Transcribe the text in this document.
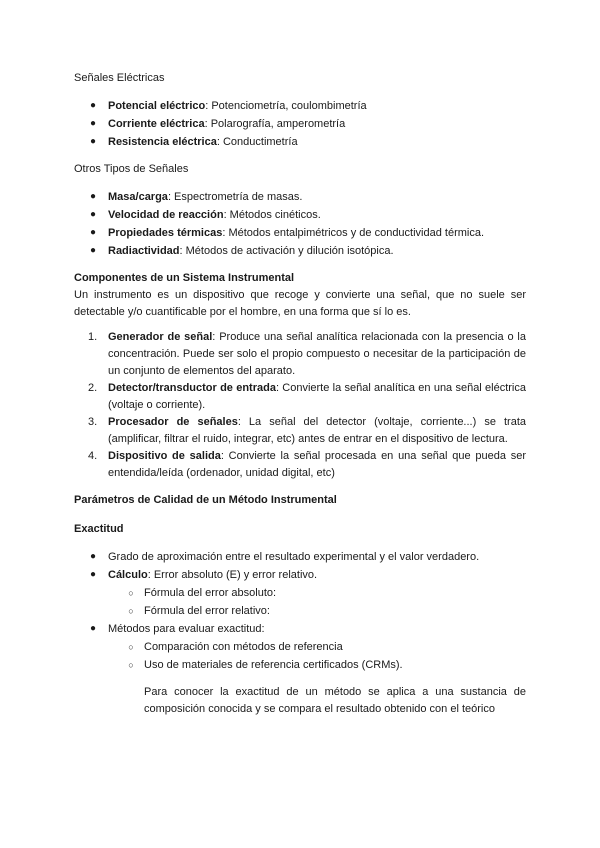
Señales Eléctricas

● Potencial eléctrico: Potenciometría, coulombimetría
● Corriente eléctrica: Polarografía, amperometría
● Resistencia eléctrica: Conductimetría

Otros Tipos de Señales

● Masa/carga: Espectrometría de masas.
● Velocidad de reacción: Métodos cinéticos.
● Propiedades térmicas: Métodos entalpimétricos y de conductividad térmica.
● Radiactividad: Métodos de activación y dilución isotópica.

Componentes de un Sistema Instrumental

Un instrumento es un dispositivo que recoge y convierte una señal, que no suele ser detectable y/o cuantificable por el hombre, en una forma que sí lo es.

1. Generador de señal: Produce una señal analítica relacionada con la presencia o la concentración. Puede ser solo el propio compuesto o necesitar de la participación de un conjunto de elementos del aparato.
2. Detector/transductor de entrada: Convierte la señal analítica en una señal eléctrica (voltaje o corriente).
3. Procesador de señales: La señal del detector (voltaje, corriente...) se trata (amplificar, filtrar el ruido, integrar, etc) antes de entrar en el dispositivo de lectura.
4. Dispositivo de salida: Convierte la señal procesada en una señal que pueda ser entendida/leída (ordenador, unidad digital, etc)

Parámetros de Calidad de un Método Instrumental

Exactitud

● Grado de aproximación entre el resultado experimental y el valor verdadero.
● Cálculo: Error absoluto (E) y error relativo.
○ Fórmula del error absoluto:
○ Fórmula del error relativo:
● Métodos para evaluar exactitud:
○ Comparación con métodos de referencia
○ Uso de materiales de referencia certificados (CRMs).

Para conocer la exactitud de un método se aplica a una sustancia de composición conocida y se compara el resultado obtenido con el teórico
